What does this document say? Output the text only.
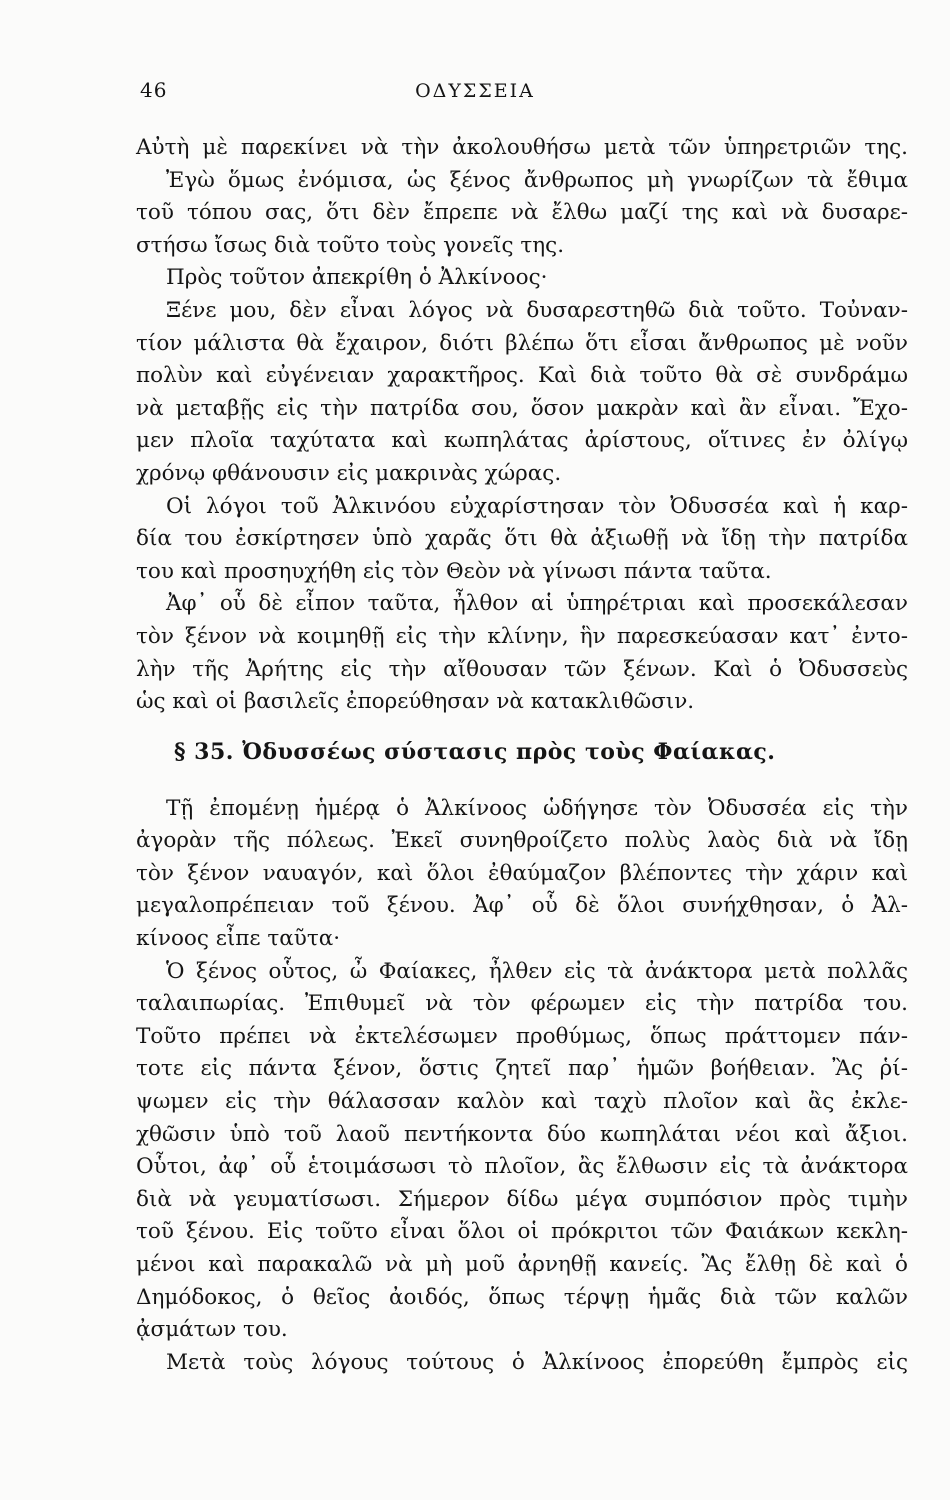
46	ΟΔΥΣΣΕΙΑ
Αὐτὴ μὲ παρεκίνει νὰ τὴν ἀκολουθήσω μετὰ τῶν ὑπηρετριῶν της.
Ἐγὼ ὅμως ἐνόμισα, ὡς ξένος ἄνθρωπος μὴ γνωρίζων τὰ ἔθιμα
τοῦ τόπου σας, ὅτι δὲν ἔπρεπε νὰ ἔλθω μαζί της καὶ νὰ δυσαρε-
στήσω ἴσως διὰ τοῦτο τοὺς γονεῖς της.
Πρὸς τοῦτον ἀπεκρίθη ὁ Ἀλκίνοος·
Ξένε μου, δὲν εἶναι λόγος νὰ δυσαρεστηθῶ διὰ τοῦτο. Τοὐναν-
τίον μάλιστα θὰ ἔχαιρον, διότι βλέπω ὅτι εἶσαι ἄνθρωπος μὲ νοῦν
πολὺν καὶ εὐγένειαν χαρακτῆρος. Καὶ διὰ τοῦτο θὰ σὲ συνδράμω
νὰ μεταβῇς εἰς τὴν πατρίδα σου, ὅσον μακρὰν καὶ ἂν εἶναι. Ἔχο-
μεν πλοῖα ταχύτατα καὶ κωπηλάτας ἀρίστους, οἵτινες ἐν ὀλίγῳ
χρόνῳ φθάνουσιν εἰς μακρινὰς χώρας.
Οἱ λόγοι τοῦ Ἀλκινόου εὐχαρίστησαν τὸν Ὀδυσσέα καὶ ἡ καρ-
δία του ἐσκίρτησεν ὑπὸ χαρᾶς ὅτι θὰ ἀξιωθῇ νὰ ἴδῃ τὴν πατρίδα
του καὶ προσηυχήθη εἰς τὸν Θεὸν νὰ γίνωσι πάντα ταῦτα.
Ἀφ᾽ οὗ δὲ εἶπον ταῦτα, ἦλθον αἱ ὑπηρέτριαι καὶ προσεκάλεσαν
τὸν ξένον νὰ κοιμηθῇ εἰς τὴν κλίνην, ἣν παρεσκεύασαν κατ᾽ ἐντο-
λὴν τῆς Ἀρήτης εἰς τὴν αἴθουσαν τῶν ξένων. Καὶ ὁ Ὀδυσσεὺς
ὡς καὶ οἱ βασιλεῖς ἐπορεύθησαν νὰ κατακλιθῶσιν.
§ 35. Ὀδυσσέως σύστασις πρὸς τοὺς Φαίακας.
Τῇ ἐπομένῃ ἡμέρᾳ ὁ Ἀλκίνοος ὡδήγησε τὸν Ὀδυσσέα εἰς τὴν
ἀγορὰν τῆς πόλεως. Ἐκεῖ συνηθροίζετο πολὺς λαὸς διὰ νὰ ἴδῃ
τὸν ξένον ναυαγόν, καὶ ὅλοι ἐθαύμαζον βλέποντες τὴν χάριν καὶ
μεγαλοπρέπειαν τοῦ ξένου. Ἀφ᾽ οὗ δὲ ὅλοι συνήχθησαν, ὁ Ἀλ-
κίνοος εἶπε ταῦτα·
Ὁ ξένος οὗτος, ὦ Φαίακες, ἦλθεν εἰς τὰ ἀνάκτορα μετὰ πολλᾶς
ταλαιπωρίας. Ἐπιθυμεῖ νὰ τὸν φέρωμεν εἰς τὴν πατρίδα του.
Τοῦτο πρέπει νὰ ἐκτελέσωμεν προθύμως, ὅπως πράττομεν πάν-
τοτε εἰς πάντα ξένον, ὅστις ζητεῖ παρ᾽ ἡμῶν βοήθειαν. Ἂς ῥί-
ψωμεν εἰς τὴν θάλασσαν καλὸν καὶ ταχὺ πλοῖον καὶ ἂς ἐκλε-
χθῶσιν ὑπὸ τοῦ λαοῦ πεντήκοντα δύο κωπηλάται νέοι καὶ ἄξιοι.
Οὗτοι, ἀφ᾽ οὗ ἑτοιμάσωσι τὸ πλοῖον, ἂς ἔλθωσιν εἰς τὰ ἀνάκτορα
διὰ νὰ γευματίσωσι. Σήμερον δίδω μέγα συμπόσιον πρὸς τιμὴν
τοῦ ξένου. Εἰς τοῦτο εἶναι ὅλοι οἱ πρόκριτοι τῶν Φαιάκων κεκλη-
μένοι καὶ παρακαλῶ νὰ μὴ μοῦ ἀρνηθῇ κανείς. Ἂς ἔλθῃ δὲ καὶ ὁ
Δημόδοκος, ὁ θεῖος ἀοιδός, ὅπως τέρψῃ ἡμᾶς διὰ τῶν καλῶν
ᾀσμάτων του.
Μετὰ τοὺς λόγους τούτους ὁ Ἀλκίνοος ἐπορεύθη ἔμπρὸς εἰς
